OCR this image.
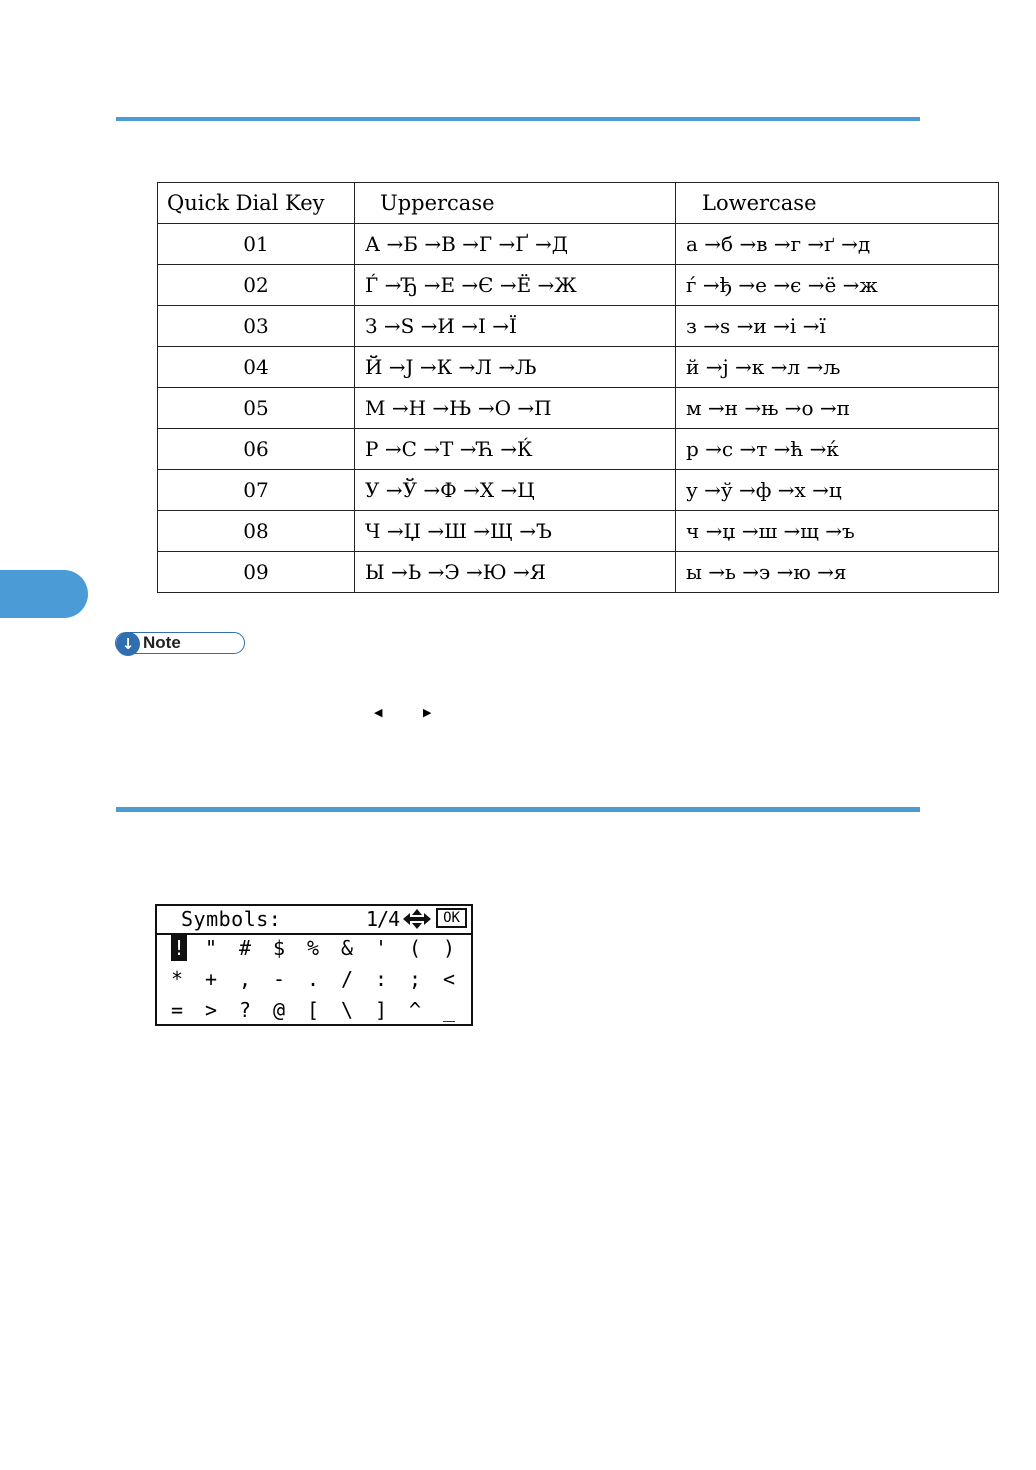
Quick Dial Key	Uppercase	Lowercase
01	А →Б →В →Г →Ґ →Д	а →б →в →г →ґ →д
02	Ѓ →Ђ →Е →Є →Ё →Ж	ѓ →ђ →е →є →ё →ж
03	З →Ѕ →И →І →Ї	з →ѕ →и →і →ї
04	Й →Ј →К →Л →Љ	й →ј →к →л →љ
05	М →Н →Њ →О →П	м →н →њ →о →п
06	Р →С →Т →Ћ →Ќ	р →с →т →ћ →ќ
07	У →Ў →Ф →Х →Ц	у →ў →ф →х →ц
08	Ч →Џ →Ш →Щ →Ъ	ч →џ →ш →щ →ъ
09	Ы →Ь →Э →Ю →Я	ы →ь →э →ю →я
↓ Note
◀	▶
Symbols:	1/4	OK
! " # $ % & ' ( )
* + , - . / : ; <
= > ? @ [ \ ] ^ _
